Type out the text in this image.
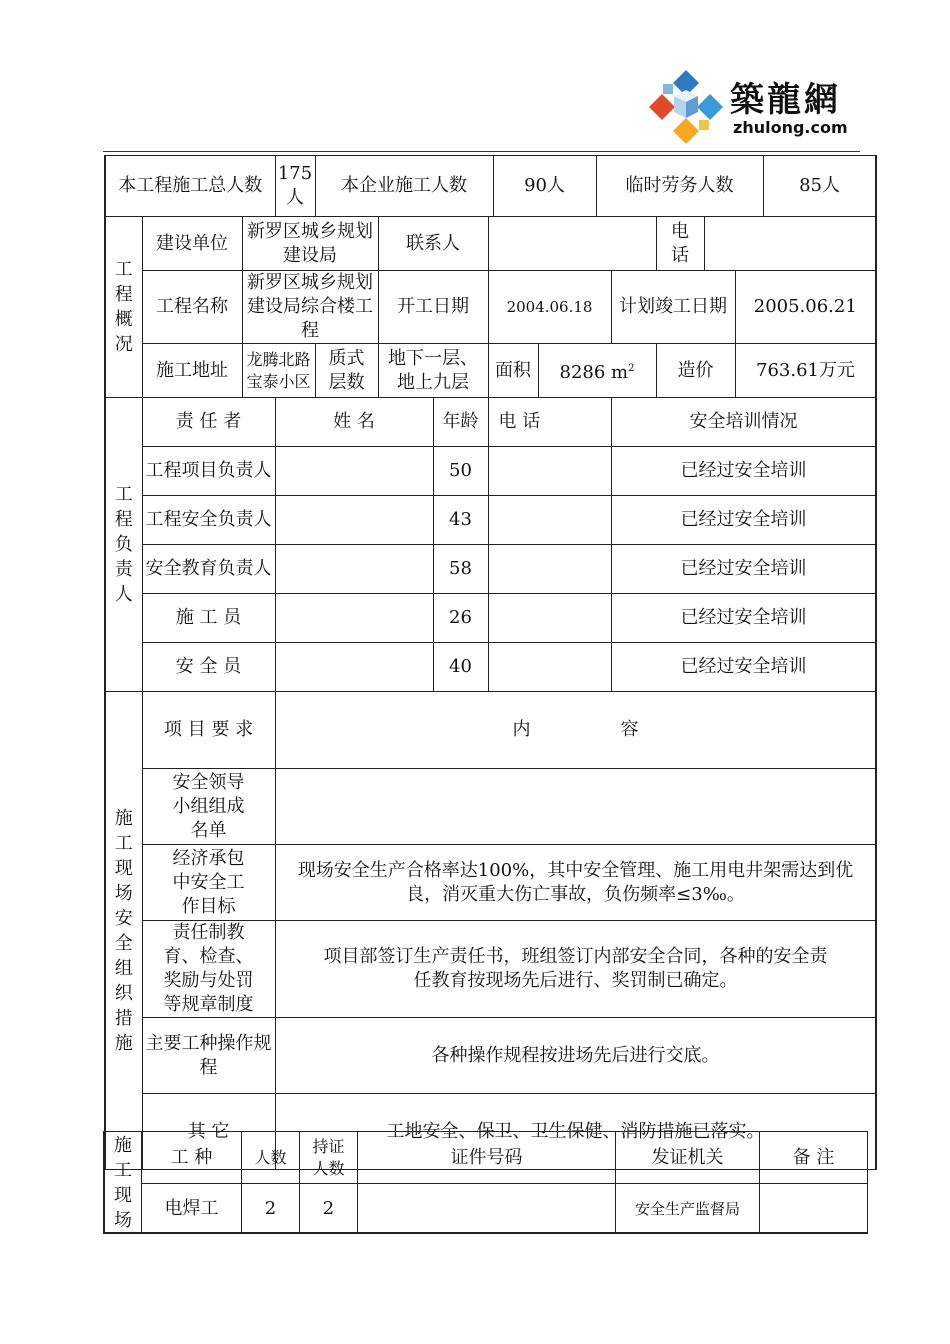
築龍網
zhulong.com
本工程施工总人数			175人	本企业施工人数				90人		临时劳务人数					85人
工程概况	建设单位	新罗区城乡规划建设局			联系人							电话			
	工程名称	新罗区城乡规划建设局综合楼工程			开工日期		2004.06.18				计划竣工日期			2005.06.21	
	施工地址	龙腾北路宝泰小区		质式层数	地下一层、地上九层		面积		8286 $m^2$			造价		763.61万元	
工程负责人	责 任 者		姓 名			年龄	电 话				安全培训情况				
	工程项目负责人					50					已经过安全培训				
	工程安全负责人					43					已经过安全培训				
	安全教育负责人					58					已经过安全培训				
	施 工 员					26					已经过安全培训				
	安 全 员					40					已经过安全培训				
施工现场安全组织措施	项 目 要 求		内　　　　　容												
	安全领导小组组成名单														
	经济承包中安全工作目标		现场安全生产合格率达100%，其中安全管理、施工用电井架需达到优良，消灭重大伤亡事故，负伤频率≤3‰。												
	责任制教育、检查、奖励与处罚等规章制度		项目部签订生产责任书，班组签订内部安全合同，各种的安全责任教育按现场先后进行、奖罚制已确定。												
	主要工种操作规程		各种操作规程按进场先后进行交底。												
	其 它		工地安全、保卫、卫生保健、消防措施已落实。												
施工现场	工 种	人数	持证人数	证件号码	发证机关	备 注
	电焊工	2	2		安全生产监督局	
